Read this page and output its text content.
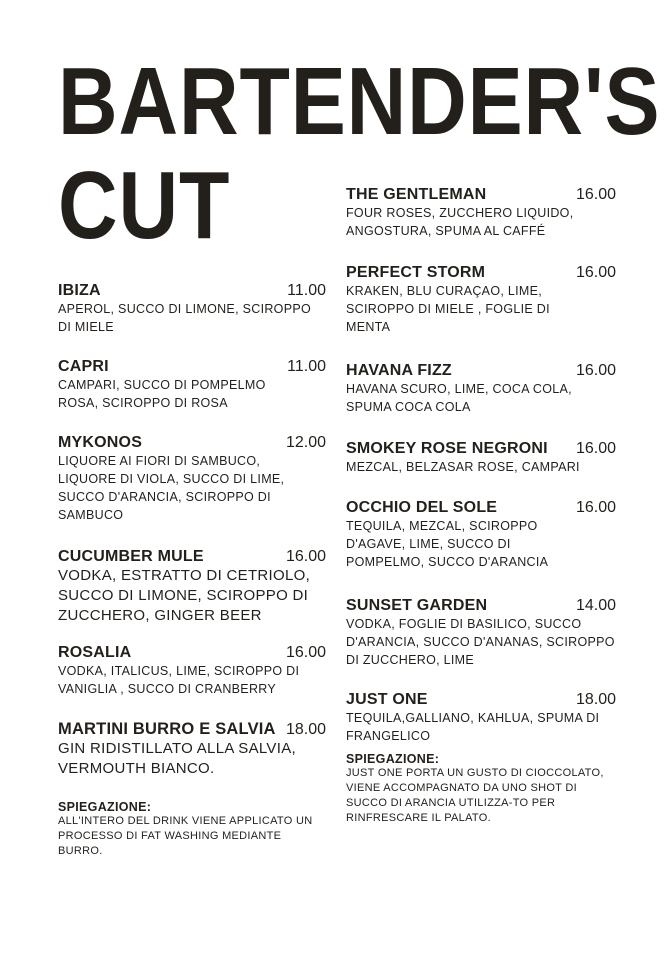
BARTENDER'S
CUT
IBIZA	11.00
APEROL, SUCCO DI LIMONE, SCIROPPO DI MIELE
CAPRI	11.00
CAMPARI, SUCCO DI POMPELMO ROSA, SCIROPPO DI ROSA
MYKONOS	12.00
LIQUORE AI FIORI DI SAMBUCO, LIQUORE DI VIOLA, SUCCO DI LIME, SUCCO D'ARANCIA, SCIROPPO DI SAMBUCO
CUCUMBER MULE	16.00
VODKA, ESTRATTO DI CETRIOLO, SUCCO DI LIMONE, SCIROPPO DI ZUCCHERO, GINGER BEER
ROSALIA	16.00
VODKA, ITALICUS, LIME, SCIROPPO DI VANIGLIA , SUCCO DI CRANBERRY
MARTINI BURRO E SALVIA 18.00
GIN RIDISTILLATO ALLA SALVIA, VERMOUTH BIANCO.
SPIEGAZIONE:
ALL'INTERO DEL DRINK VIENE APPLICATO UN PROCESSO DI FAT WASHING MEDIANTE BURRO.
THE GENTLEMAN	16.00
FOUR ROSES, ZUCCHERO LIQUIDO, ANGOSTURA, SPUMA AL CAFFÉ
PERFECT STORM	16.00
KRAKEN, BLU CURAÇAO, LIME, SCIROPPO DI MIELE , FOGLIE DI MENTA
HAVANA FIZZ	16.00
HAVANA SCURO, LIME, COCA COLA, SPUMA COCA COLA
SMOKEY ROSE NEGRONI 16.00
MEZCAL, BELZASAR ROSE, CAMPARI
OCCHIO DEL SOLE	16.00
TEQUILA, MEZCAL, SCIROPPO D'AGAVE, LIME, SUCCO DI POMPELMO, SUCCO D'ARANCIA
SUNSET GARDEN	14.00
VODKA, FOGLIE DI BASILICO, SUCCO D'ARANCIA, SUCCO D'ANANAS, SCIROPPO DI ZUCCHERO, LIME
JUST ONE	18.00
TEQUILA,GALLIANO, KAHLUA, SPUMA DI FRANGELICO
SPIEGAZIONE:
JUST ONE PORTA UN GUSTO DI CIOCCOLATO, VIENE ACCOMPAGNATO DA UNO SHOT DI SUCCO DI ARANCIA UTILIZZA-TO PER RINFRESCARE IL PALATO.
